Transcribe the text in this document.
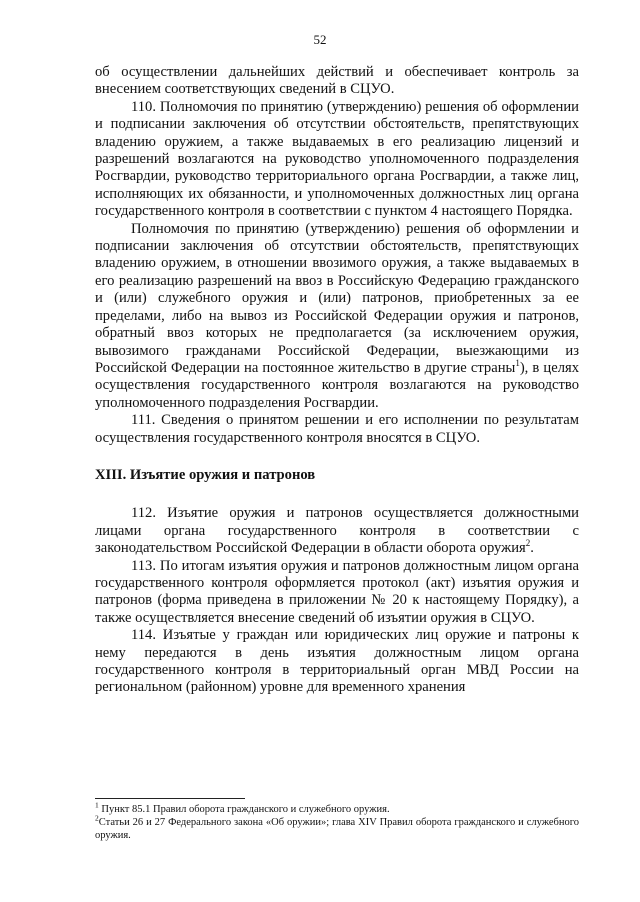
52

об осуществлении дальнейших действий и обеспечивает контроль за внесением соответствующих сведений в СЦУО.

110. Полномочия по принятию (утверждению) решения об оформлении и подписании заключения об отсутствии обстоятельств, препятствующих владению оружием, а также выдаваемых в его реализацию лицензий и разрешений возлагаются на руководство уполномоченного подразделения Росгвардии, руководство территориального органа Росгвардии, а также лиц, исполняющих их обязанности, и уполномоченных должностных лиц органа государственного контроля в соответствии с пунктом 4 настоящего Порядка.

Полномочия по принятию (утверждению) решения об оформлении и подписании заключения об отсутствии обстоятельств, препятствующих владению оружием, в отношении ввозимого оружия, а также выдаваемых в его реализацию разрешений на ввоз в Российскую Федерацию гражданского и (или) служебного оружия и (или) патронов, приобретенных за ее пределами, либо на вывоз из Российской Федерации оружия и патронов, обратный ввоз которых не предполагается (за исключением оружия, вывозимого гражданами Российской Федерации, выезжающими из Российской Федерации на постоянное жительство в другие страны$^1$), в целях осуществления государственного контроля возлагаются на руководство уполномоченного подразделения Росгвардии.

111. Сведения о принятом решении и его исполнении по результатам осуществления государственного контроля вносятся в СЦУО.

XIII. Изъятие оружия и патронов

112. Изъятие оружия и патронов осуществляется должностными лицами органа государственного контроля в соответствии с законодательством Российской Федерации в области оборота оружия$^2$.

113. По итогам изъятия оружия и патронов должностным лицом органа государственного контроля оформляется протокол (акт) изъятия оружия и патронов (форма приведена в приложении № 20 к настоящему Порядку), а также осуществляется внесение сведений об изъятии оружия в СЦУО.

114. Изъятые у граждан или юридических лиц оружие и патроны к нему передаются в день изъятия должностным лицом органа государственного контроля в территориальный орган МВД России на региональном (районном) уровне для временного хранения

$^1$ Пункт 85.1 Правил оборота гражданского и служебного оружия.

$^2$Статьи 26 и 27 Федерального закона «Об оружии»; глава XIV Правил оборота гражданского и служебного оружия.
